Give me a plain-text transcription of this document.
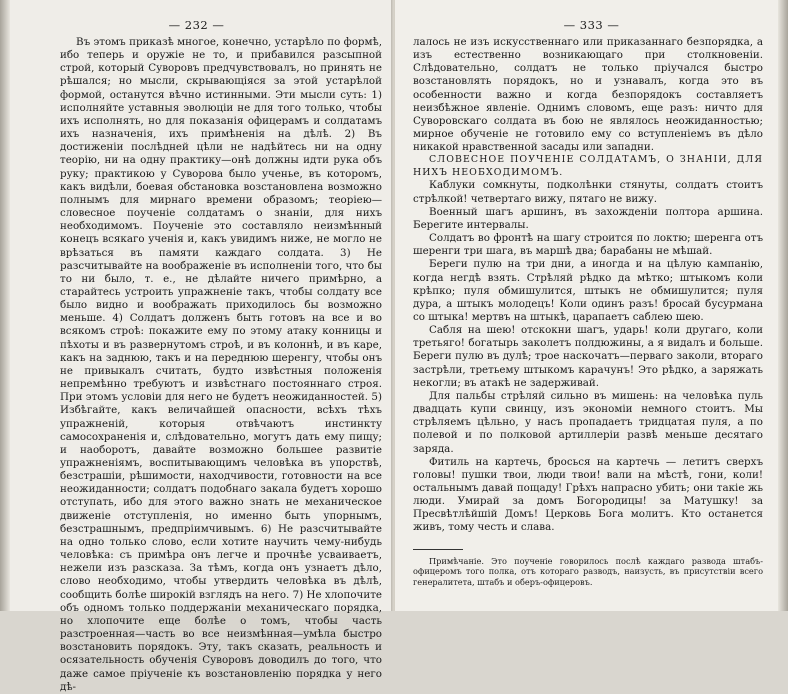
— 232 —

Въ этомъ приказѣ многое, конечно, устарѣло по формѣ, ибо теперь и оружіе не то, и прибавился разсыпной строй, который Суворовъ предчувствовалъ, но принять не рѣшался; но мысли, скрывающіяся за этой устарѣлой формой, останутся вѣчно истинными. Эти мысли суть: 1) исполняйте уставныя эволюціи не для того только, чтобы ихъ исполнять, но для показанія офицерамъ и солдатамъ ихъ назначенія, ихъ примѣненія на дѣлѣ. 2) Въ достиженіи послѣдней цѣли не надѣйтесь ни на одну теорію, ни на одну практику—онѣ должны идти рука объ руку; практикою у Суворова было ученье, въ которомъ, какъ видѣли, боевая обстановка возстановлена возможно полнымъ для мирнаго времени образомъ; теоріею—словесное поученіе солдатамъ о знаніи, для нихъ необходимомъ. Поученіе это составляло неизмѣнный конецъ всякаго ученія и, какъ увидимъ ниже, не могло не врѣзаться въ памяти каждаго солдата. 3) Не разсчитывайте на воображеніе въ исполненіи того, что бы то ни было, т. е., не дѣлайте ничего примѣрно, а старайтесь устроить упражненіе такъ, чтобы солдату все было видно и воображать приходилось бы возможно меньше. 4) Солдатъ долженъ быть готовъ на все и во всякомъ строѣ: покажите ему по этому атаку конницы и пѣхоты и въ развернутомъ строѣ, и въ колоннѣ, и въ каре, какъ на заднюю, такъ и на переднюю шеренгу, чтобы онъ не привыкалъ считать, будто извѣстныя положенія непремѣнно требуютъ и извѣстнаго постояннаго строя. При этомъ условіи для него не будетъ неожиданностей. 5) Избѣгайте, какъ величайшей опасности, всѣхъ тѣхъ упражненій, которыя отвѣчаютъ инстинкту самосохраненія и, слѣдовательно, могутъ дать ему пищу; и наоборотъ, давайте возможно большее развитіе упражненіямъ, воспитывающимъ человѣка въ упорствѣ, безстрашіи, рѣшимости, находчивости, готовности на все неожиданности; солдатъ подобнаго закала будетъ хорошо отступать, ибо для этого важно знать не механическое движеніе отступленія, но именно быть упорнымъ, безстрашнымъ, предпріимчивымъ. 6) Не разсчитывайте на одно только слово, если хотите научить чему-нибудь человѣка: съ примѣра онъ легче и прочнѣе усваиваетъ, нежели изъ разсказа. За тѣмъ, когда онъ узнаетъ дѣло, слово необходимо, чтобы утвердить человѣка въ дѣлѣ, сообщить болѣе широкій взглядъ на него. 7) Не хлопочите объ одномъ только поддержаніи механическаго порядка, но хлопочите еще болѣе о томъ, чтобы часть разстроенная—часть во все неизмѣнная—умѣла быстро возстановить порядокъ. Эту, такъ сказать, реальность и осязательность обученія Суворовъ доводилъ до того, что даже самое пріученіе къ возстановленію порядка у него дѣ-

— 333 —

лалось не изъ искусственнаго или приказаннаго безпорядка, а изъ естественно возникающаго при столкновеніи. Слѣдовательно, солдатъ не только пріучался быстро возстановлять порядокъ, но и узнавалъ, когда это въ особенности важно и когда безпорядокъ составляетъ неизбѣжное явленіе. Однимъ словомъ, еще разъ: ничто для Суворовскаго солдата въ бою не являлось неожиданностью; мирное обученіе не готовило ему со вступленіемъ въ дѣло никакой нравственной засады или западни.

СЛОВЕСНОЕ ПОУЧЕНІЕ СОЛДАТАМЪ, О ЗНАНІИ, ДЛЯ НИХЪ НЕОБХОДИМОМЪ.

Каблуки сомкнуты, подколѣнки стянуты, солдатъ стоитъ стрѣлкой! четвертаго вижу, пятаго не вижу.

Военный шагъ аршинъ, въ захожденіи полтора аршина. Берегите интервалы.

Солдатъ во фронтѣ на шагу строится по локтю; шеренга отъ шеренги три шага, въ маршѣ два; барабаны не мѣшай.

Береги пулю на три дни, а иногда и на цѣлую кампанію, когда негдѣ взять. Стрѣляй рѣдко да мѣтко; штыкомъ коли крѣпко; пуля обмишулится, штыкъ не обмишулится; пуля дура, а штыкъ молодецъ! Коли одинъ разъ! бросай бусурмана со штыка! мертвъ на штыкѣ, царапаетъ саблею шею.

Сабля на шею! отскокни шагъ, ударь! коли другаго, коли третьяго! богатырь заколетъ полдюжины, а я видалъ и больше. Береги пулю въ дулѣ; трое наскочатъ—перваго заколи, втораго застрѣли, третьему штыкомъ карачунъ! Это рѣдко, а заряжать некогли; въ атакѣ не задерживай.

Для пальбы стрѣляй сильно въ мишень: на человѣка пуль двадцать купи свинцу, изъ экономіи немного стоитъ. Мы стрѣляемъ цѣльно, у насъ пропадаетъ тридцатая пуля, а по полевой и по полковой артиллеріи развѣ меньше десятаго заряда.

Фитиль на картечь, бросься на картечь — летитъ сверхъ головы! пушки твои, люди твои! вали на мѣстѣ, гони, коли! остальнымъ давай пощаду! Грѣхъ напрасно убить; они такіе жь люди. Умирай за домъ Богородицы! за Матушку! за Пресвѣтлѣйшій Домъ! Церковь Бога молитъ. Кто останется живъ, тому честь и слава.

Примѣчаніе. Это поученіе говорилось послѣ каждаго развода штабъ-офицеромъ того полка, отъ котораго разводъ, наизусть, въ присутствіи всего генералитета, штабъ и оберъ-офицеровъ.
